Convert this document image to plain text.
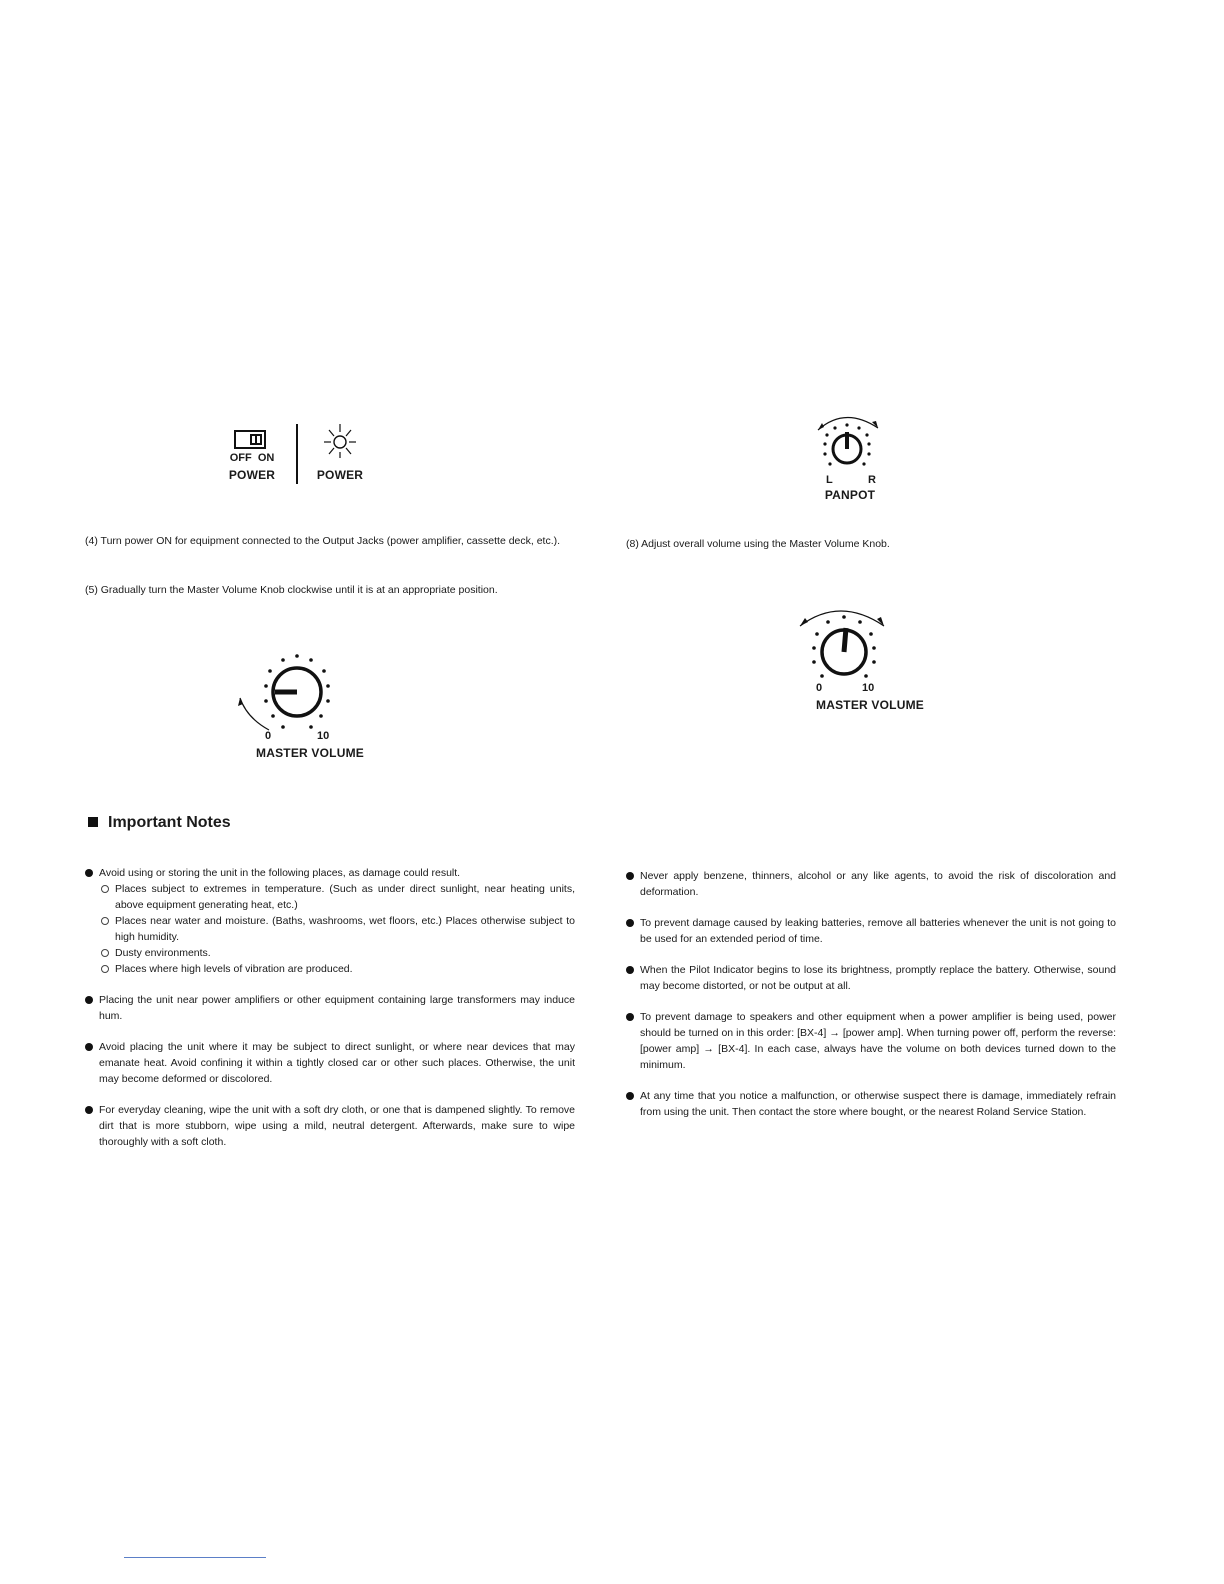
OFF ON
POWER	POWER	L	R
PANPOT
(4) Turn power ON for equipment connected to the Output Jacks (power amplifier, cassette deck, etc.).
(5) Gradually turn the Master Volume Knob clockwise until it is at an appropriate position.
(8) Adjust overall volume using the Master Volume Knob.
0	10
MASTER VOLUME
0	10
MASTER VOLUME
Important Notes
Avoid using or storing the unit in the following places, as damage could result.
Places subject to extremes in temperature. (Such as under direct sunlight, near heating units, above equipment generating heat, etc.)
Places near water and moisture. (Baths, washrooms, wet floors, etc.) Places otherwise subject to high humidity.
Dusty environments.
Places where high levels of vibration are produced.
Placing the unit near power amplifiers or other equipment containing large transformers may induce hum.
Avoid placing the unit where it may be subject to direct sunlight, or where near devices that may emanate heat. Avoid confining it within a tightly closed car or other such places. Otherwise, the unit may become deformed or discolored.
For everyday cleaning, wipe the unit with a soft dry cloth, or one that is dampened slightly. To remove dirt that is more stubborn, wipe using a mild, neutral detergent. Afterwards, make sure to wipe thoroughly with a soft cloth.
Never apply benzene, thinners, alcohol or any like agents, to avoid the risk of discoloration and deformation.
To prevent damage caused by leaking batteries, remove all batteries whenever the unit is not going to be used for an extended period of time.
When the Pilot Indicator begins to lose its brightness, promptly replace the battery. Otherwise, sound may become distorted, or not be output at all.
To prevent damage to speakers and other equipment when a power amplifier is being used, power should be turned on in this order: [BX-4] → [power amp]. When turning power off, perform the reverse: [power amp] → [BX-4]. In each case, always have the volume on both devices turned down to the minimum.
At any time that you notice a malfunction, or otherwise suspect there is damage, immediately refrain from using the unit. Then contact the store where bought, or the nearest Roland Service Station.
